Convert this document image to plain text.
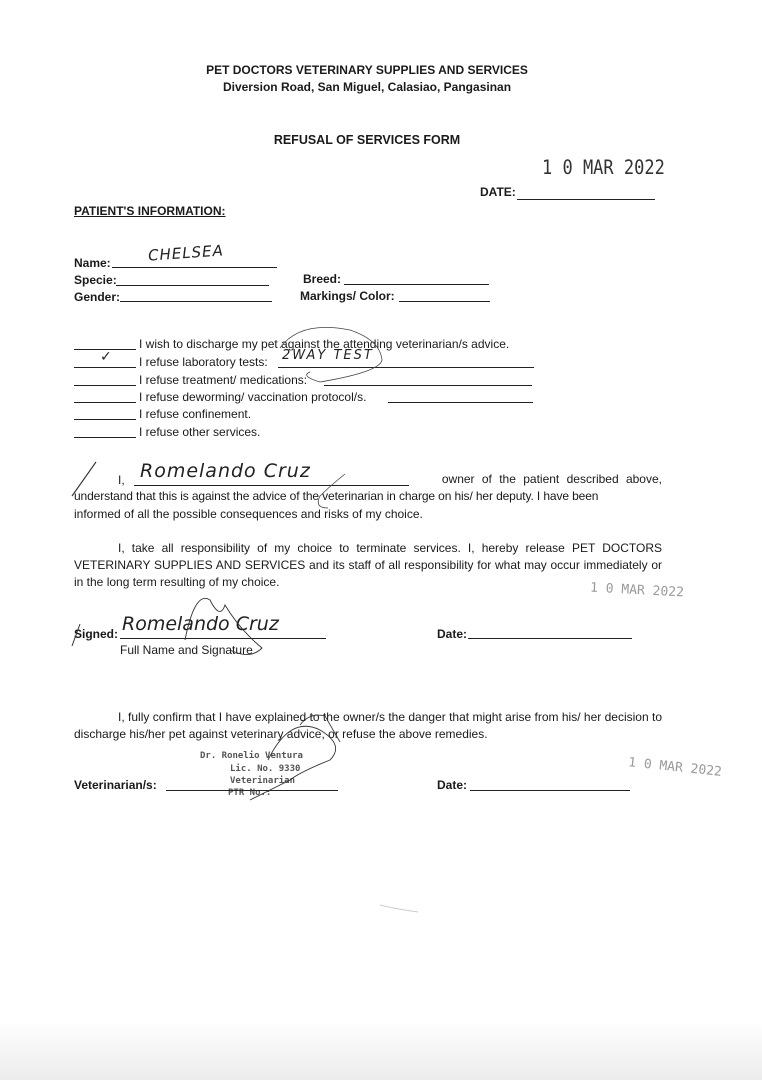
PET DOCTORS VETERINARY SUPPLIES AND SERVICES
Diversion Road, San Miguel, Calasiao, Pangasinan
REFUSAL OF SERVICES FORM
1 0 MAR 2022
DATE:
PATIENT'S INFORMATION:
Name: CHELSEA
Specie:	Breed:
Gender:	Markings/ Color:
I wish to discharge my pet against the attending veterinarian/s advice.
✓ I refuse laboratory tests: 2WAY TEST
I refuse treatment/ medications:
I refuse deworming/ vaccination protocol/s.
I refuse confinement.
I refuse other services.
I, Romelando Cruz	owner of the patient described above,
understand that this is against the advice of the veterinarian in charge on his/ her deputy. I have been
informed of all the possible consequences and risks of my choice.
I, take all responsibility of my choice to terminate services. I, hereby release PET DOCTORS VETERINARY SUPPLIES AND SERVICES and its staff of all responsibility for what may occur immediately or in the long term resulting of my choice.	1 0 MAR 2022
Signed: Romelando Cruz
Full Name and Signature
Date:
I, fully confirm that I have explained to the owner/s the danger that might arise from his/ her decision to discharge his/her pet against veterinary advice, or refuse the above remedies.
Dr. Ronelio Ventura
Lic. No. 9330
Veterinarian
PTR No.:
Veterinarian/s:	Date:
1 0 MAR 2022
